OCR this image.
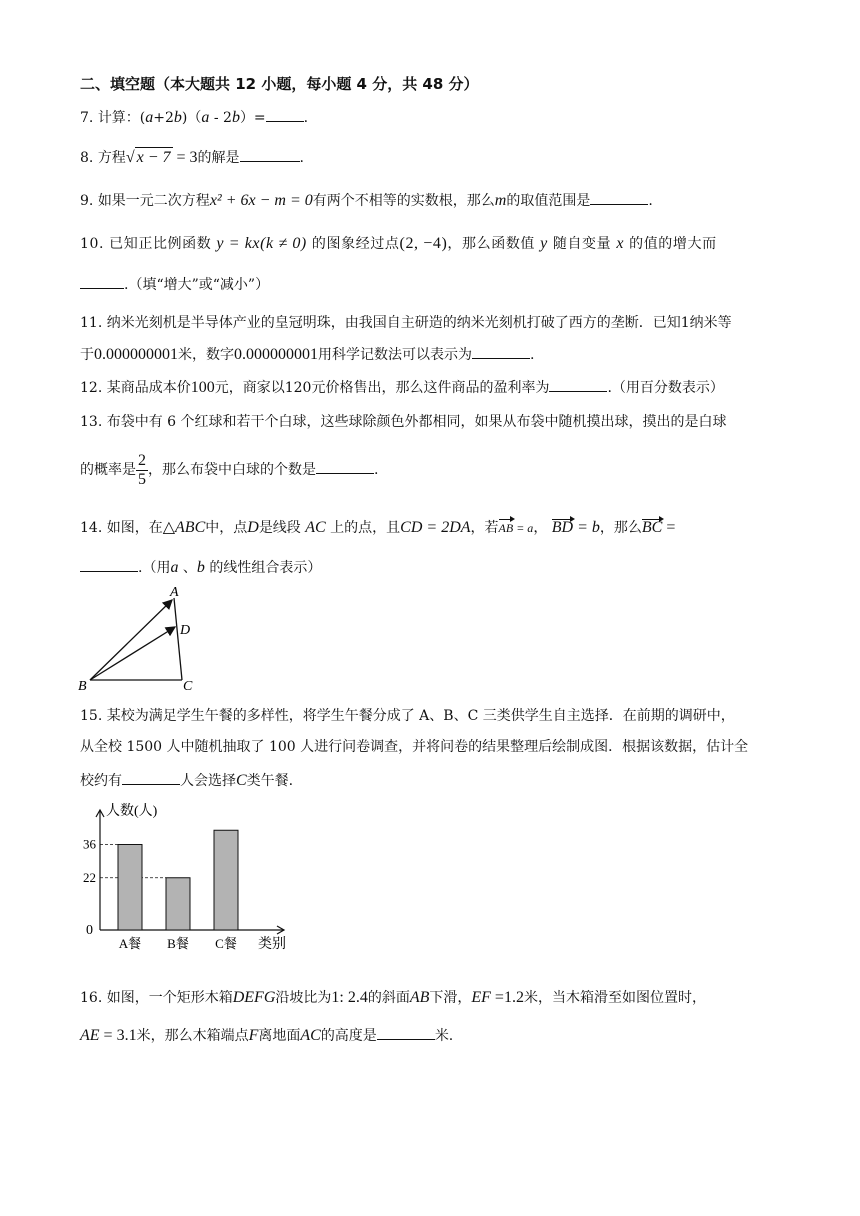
二、填空题（本大题共 12 小题，每小题 4 分，共 48 分）
7. 计算：(a+2b)（a - 2b）=	.
8. 方程√ x − 7 = 3的解是	.
9. 如果一元二次方程x² + 6x − m = 0有两个不相等的实数根，那么m的取值范围是	.
10. 已知正比例函数 y = kx(k ≠ 0) 的图象经过点(2, −4)，那么函数值 y 随自变量 x 的值的增大而
.（填“增大”或“减小”）
11. 纳米光刻机是半导体产业的皇冠明珠，由我国自主研造的纳米光刻机打破了西方的垄断．已知1纳米等
于0.000000001米，数字0.000000001用科学记数法可以表示为	.
12. 某商品成本价100元，商家以120元价格售出，那么这件商品的盈利率为	.（用百分数表示）
13. 布袋中有 6 个红球和若干个白球，这些球除颜色外都相同，如果从布袋中随机摸出球，摸出的是白球
的概率是 $\frac{2}{5}$ ，那么布袋中白球的个数是	.
14. 如图，在△ABC中，点D是线段 AC 上的点，且CD = 2DA，若AB = a， BD = b，那么BC =
.（用a 、b 的线性组合表示）
A
B	C
D
15. 某校为满足学生午餐的多样性，将学生午餐分成了 A、B、C 三类供学生自主选择．在前期的调研中，
从全校 1500 人中随机抽取了 100 人进行问卷调查，并将问卷的结果整理后绘制成图．根据该数据，估计全
校约有	人会选择C类午餐.
人数(人)
类别
0
A餐 B餐 C餐
36
22
16. 如图，一个矩形木箱DEFG沿坡比为1: 2.4的斜面AB下滑，EF =1.2米，当木箱滑至如图位置时，
AE = 3.1米，那么木箱端点F离地面AC的高度是	米.
